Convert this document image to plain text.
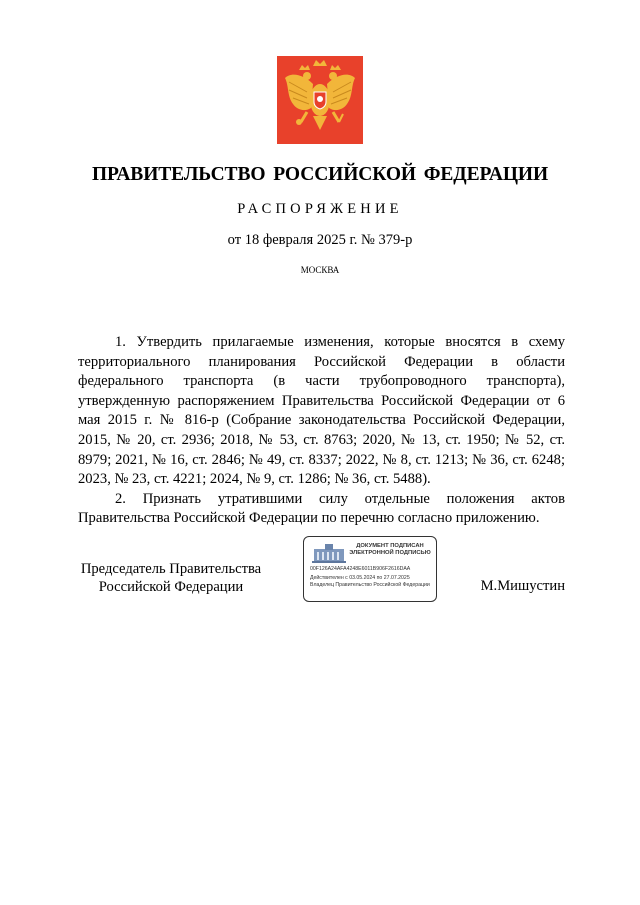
ПРАВИТЕЛЬСТВО РОССИЙСКОЙ ФЕДЕРАЦИИ
РАСПОРЯЖЕНИЕ
от 18 февраля 2025 г. № 379-р
МОСКВА

1. Утвердить прилагаемые изменения, которые вносятся в схему территориального планирования Российской Федерации в области федерального транспорта (в части трубопроводного транспорта), утвержденную распоряжением Правительства Российской Федерации от 6 мая 2015 г. № 816-р (Собрание законодательства Российской Федерации, 2015, № 20, ст. 2936; 2018, № 53, ст. 8763; 2020, № 13, ст. 1950; № 52, ст. 8979; 2021, № 16, ст. 2846; № 49, ст. 8337; 2022, № 8, ст. 1213; № 36, ст. 6248; 2023, № 23, ст. 4221; 2024, № 9, ст. 1286; № 36, ст. 5488).

2. Признать утратившими силу отдельные положения актов Правительства Российской Федерации по перечню согласно приложению.

Председатель Правительства
Российской Федерации
ДОКУМЕНТ ПОДПИСАН
ЭЛЕКТРОННОЙ ПОДПИСЬЮ
00F126A24AFA4248E6011B906F2616DAA
Действителен с 03.05.2024 по 27.07.2025
Владелец Правительство Российской Федерации	М.Мишустин
